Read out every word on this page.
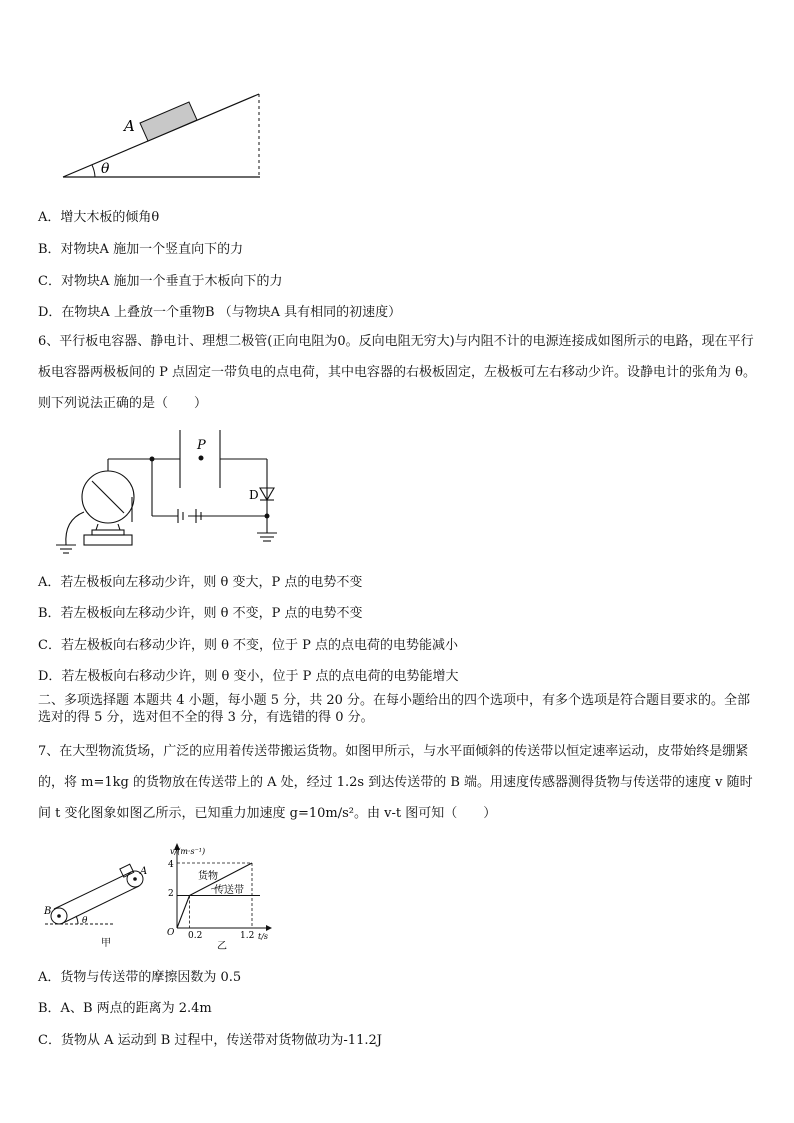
A
θ
A．增大木板的倾角θ
B．对物块A 施加一个竖直向下的力
C．对物块A 施加一个垂直于木板向下的力
D．在物块A 上叠放一个重物B （与物块A 具有相同的初速度）
6、平行板电容器、静电计、理想二极管(正向电阻为0。反向电阻无穷大)与内阻不计的电源连接成如图所示的电路，现在平行板电容器两极板间的 P 点固定一带负电的点电荷，其中电容器的右极板固定，左极板可左右移动少许。设静电计的张角为 θ。则下列说法正确的是（　　）
P
D
A．若左极板向左移动少许，则 θ 变大，P 点的电势不变
B．若左极板向左移动少许，则 θ 不变，P 点的电势不变
C．若左极板向右移动少许，则 θ 不变，位于 P 点的点电荷的电势能减小
D．若左极板向右移动少许，则 θ 变小，位于 P 点的点电荷的电势能增大
二、多项选择题 本题共 4 小题，每小题 5 分，共 20 分。在每小题给出的四个选项中，有多个选项是符合题目要求的。全部选对的得 5 分，选对但不全的得 3 分，有选错的得 0 分。
7、在大型物流货场，广泛的应用着传送带搬运货物。如图甲所示，与水平面倾斜的传送带以恒定速率运动，皮带始终是绷紧的，将 m=1kg 的货物放在传送带上的 A 处，经过 1.2s 到达传送带的 B 端。用速度传感器测得货物与传送带的速度 v 随时间 t 变化图象如图乙所示，已知重力加速度 g=10m/s²。由 v-t 图可知（　　）
A
B
θ
甲
v/(m·s⁻¹)
t/s
O
4
2
0.2	1.2
货物
传送带
乙
A．货物与传送带的摩擦因数为 0.5
B．A、B 两点的距离为 2.4m
C．货物从 A 运动到 B 过程中，传送带对货物做功为-11.2J
